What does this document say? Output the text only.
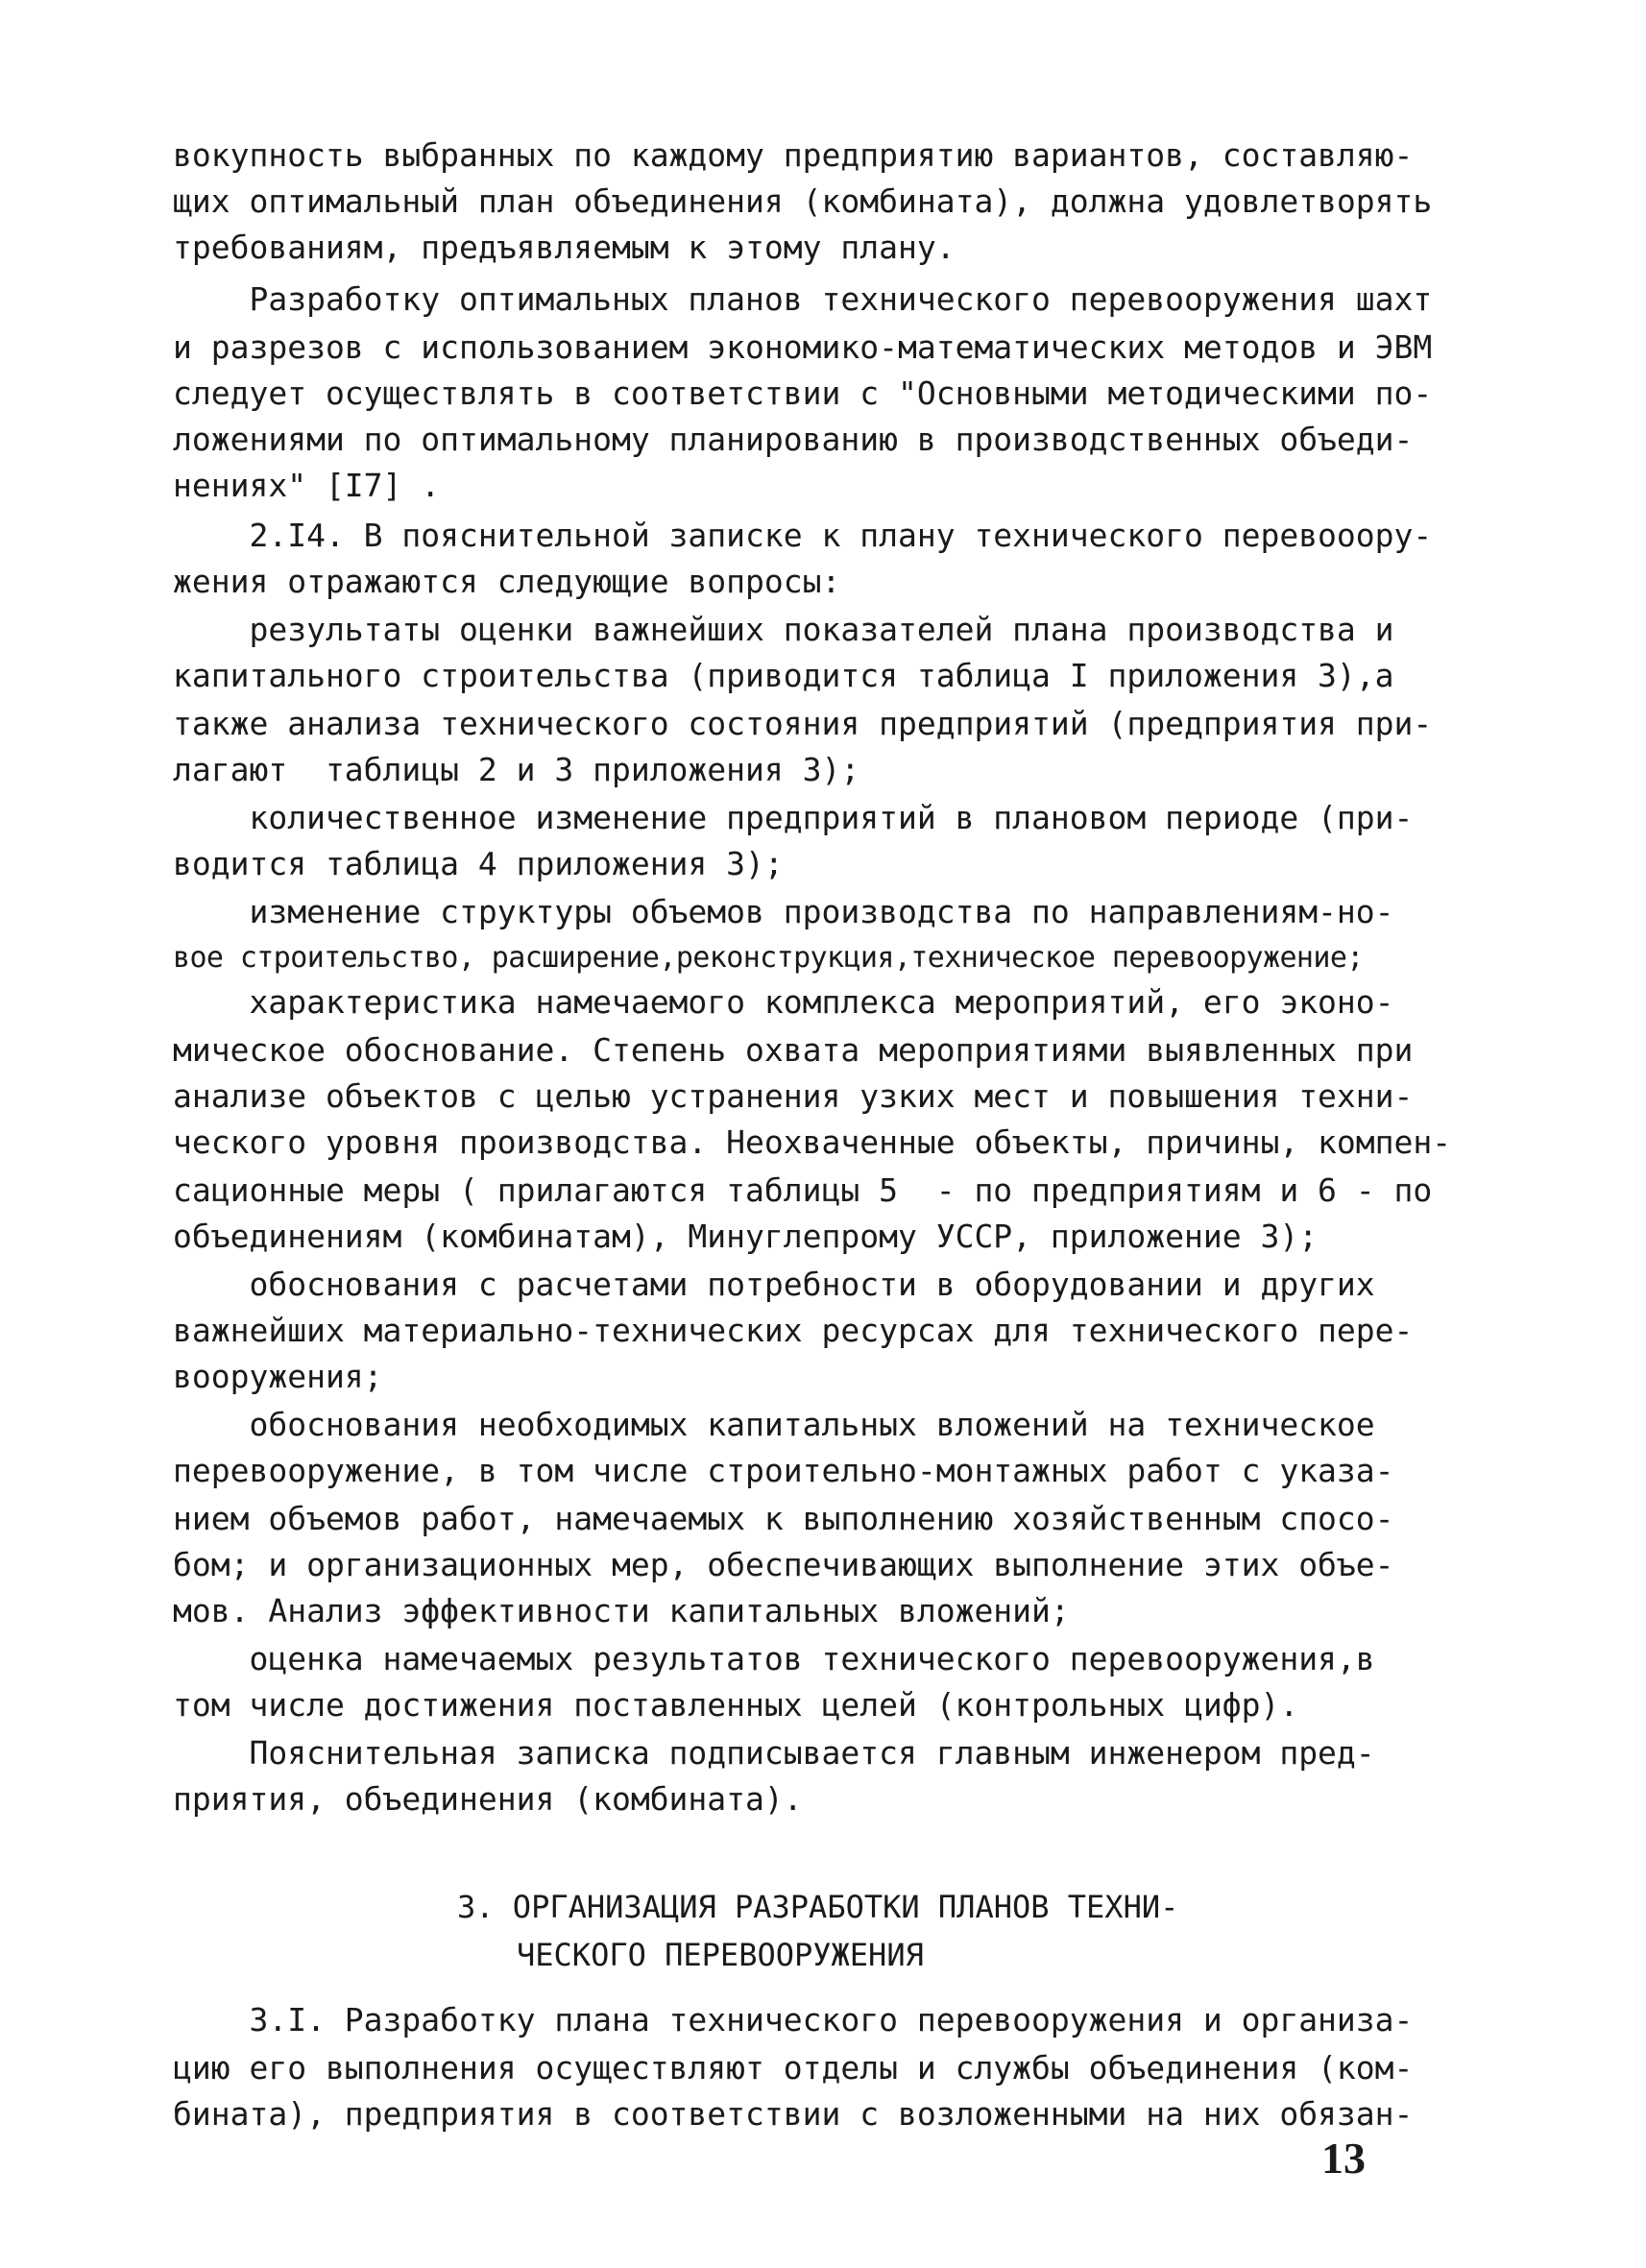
вокупность выбранных по каждому предприятию вариантов, составляю-
щих оптимальный план объединения (комбината), должна удовлетворять
требованиям, предъявляемым к этому плану.
Разработку оптимальных планов технического перевооружения шахт
и разрезов с использованием экономико-математических методов и ЭВМ
следует осуществлять в соответствии с "Основными методическими по-
ложениями по оптимальному планированию в производственных объеди-
нениях" [I7] .
2.I4. В пояснительной записке к плану технического перевооору-
жения отражаются следующие вопросы:
результаты оценки важнейших показателей плана производства и
капитального строительства (приводится таблица I приложения 3),а
также анализа технического состояния предприятий (предприятия при-
лагают  таблицы 2 и 3 приложения 3);
количественное изменение предприятий в плановом периоде (при-
водится таблица 4 приложения 3);
изменение структуры объемов производства по направлениям-но-
вое строительство, расширение,реконструкция,техническое перевооружение;
характеристика намечаемого комплекса мероприятий, его эконо-
мическое обоснование. Степень охвата мероприятиями выявленных при
анализе объектов с целью устранения узких мест и повышения техни-
ческого уровня производства. Неохваченные объекты, причины, компен-
сационные меры ( прилагаются таблицы 5  - по предприятиям и 6 - по
объединениям (комбинатам), Минуглепрому УССР, приложение 3);
обоснования с расчетами потребности в оборудовании и других
важнейших материально-технических ресурсах для технического пере-
вооружения;
обоснования необходимых капитальных вложений на техническое
перевооружение, в том числе строительно-монтажных работ с указа-
нием объемов работ, намечаемых к выполнению хозяйственным спосо-
бом; и организационных мер, обеспечивающих выполнение этих объе-
мов. Анализ эффективности капитальных вложений;
оценка намечаемых результатов технического перевооружения,в
том числе достижения поставленных целей (контрольных цифр).
Пояснительная записка подписывается главным инженером пред-
приятия, объединения (комбината).
3. ОРГАНИЗАЦИЯ РАЗРАБОТКИ ПЛАНОВ ТЕХНИ-
ЧЕСКОГО ПЕРЕВООРУЖЕНИЯ
3.I. Разработку плана технического перевооружения и организа-
цию его выполнения осуществляют отделы и службы объединения (ком-
бината), предприятия в соответствии с возложенными на них обязан-
13
